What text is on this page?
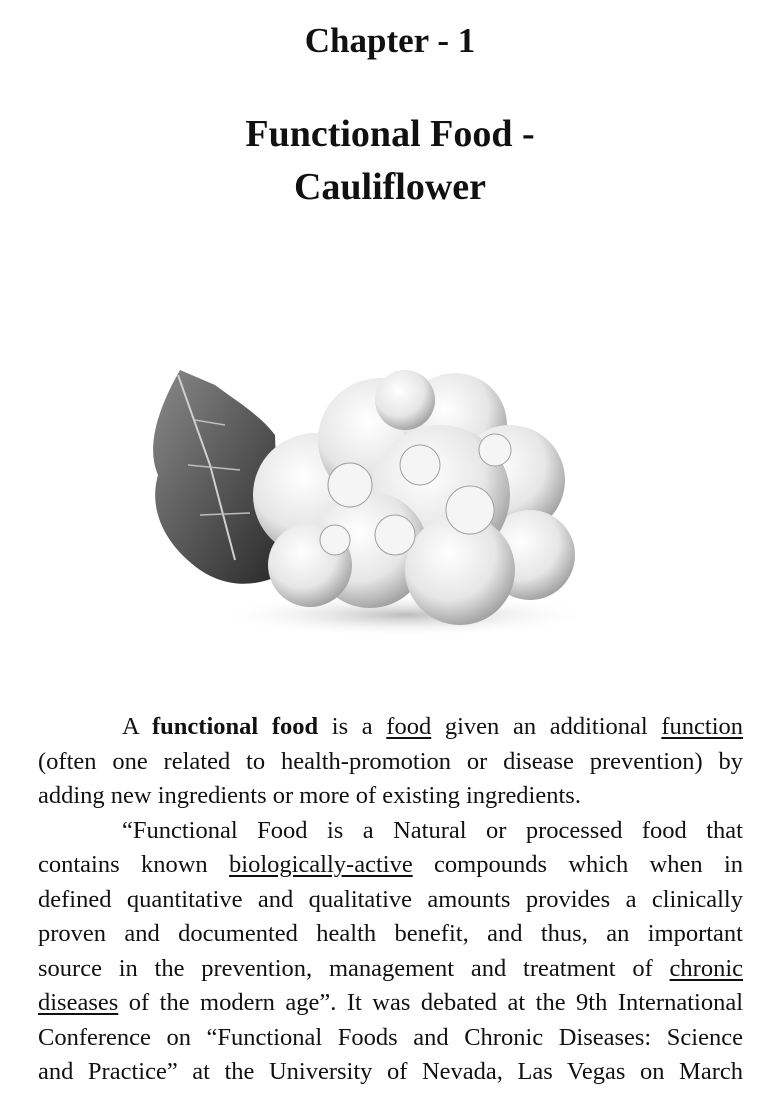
Chapter - 1
Functional Food -
Cauliflower
A functional food is a food given an additional function
(often one related to health-promotion or disease prevention) by
adding new ingredients or more of existing ingredients.
“Functional Food is a Natural or processed food that
contains known biologically-active compounds which when in
defined quantitative and qualitative amounts provides a clinically
proven and documented health benefit, and thus, an important
source in the prevention, management and treatment of chronic
diseases of the modern age”. It was debated at the 9th International
Conference on “Functional Foods and Chronic Diseases: Science
and Practice” at the University of Nevada, Las Vegas on March
